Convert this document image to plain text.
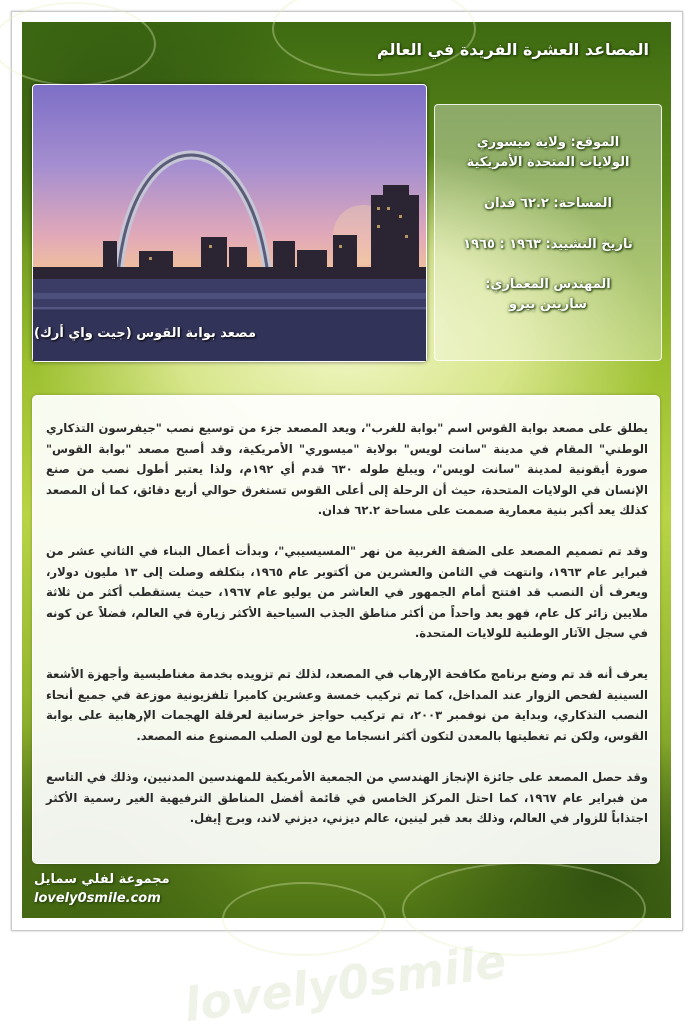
المصاعد العشرة الفريدة في العالم
مصعد بوابة القوس (جيت واي أرك)
الموقع: ولاية ميسوري
الولايات المتحدة الأمريكية
المساحة: ٦٢.٢ فدان
تاريخ التشييد: ١٩٦٣ : ١٩٦٥
المهندس المعماري:
سارينن بيرو
lovely0smile

يطلق على مصعد بوابة القوس اسم "بوابة للغرب"، ويعد المصعد جزء من توسيع نصب "جيفرسون التذكاري الوطني" المقام في مدينة "سانت لويس" بولاية "ميسوري" الأمريكية، وقد أصبح مصعد "بوابة القوس" صورة أيقونية لمدينة "سانت لويس"، ويبلغ طوله ٦٣٠ قدم أي ١٩٢م، ولذا يعتبر أطول نصب من صنع الإنسان في الولايات المتحدة، حيث أن الرحلة إلى أعلى القوس تستغرق حوالي أربع دقائق، كما أن المصعد كذلك يعد أكبر بنية معمارية صممت على مساحة ٦٢.٢ فدان.

وقد تم تصميم المصعد على الضفة الغربية من نهر "المسيسيبي"، وبدأت أعمال البناء في الثاني عشر من فبراير عام ١٩٦٣، وانتهت في الثامن والعشرين من أكتوبر عام ١٩٦٥، بتكلفه وصلت إلى ١٣ مليون دولار، ويعرف أن النصب قد افتتح أمام الجمهور في العاشر من يوليو عام ١٩٦٧، حيث يستقطب أكثر من ثلاثة ملايين زائر كل عام، فهو يعد واحداً من أكثر مناطق الجذب السياحية الأكثر زيارة في العالم، فضلاً عن كونه في سجل الآثار الوطنية للولايات المتحدة.

يعرف أنه قد تم وضع برنامج مكافحة الإرهاب في المصعد، لذلك تم تزويده بخدمة مغناطيسية وأجهزة الأشعة السينية لفحص الزوار عند المداخل، كما تم تركيب خمسة وعشرين كاميرا تلفزيونية موزعة في جميع أنحاء النصب التذكاري، وبداية من نوفمبر ٢٠٠٣، تم تركيب حواجز خرسانية لعرقلة الهجمات الإرهابية على بوابة القوس، ولكن تم تغطيتها بالمعدن لتكون أكثر انسجاما مع لون الصلب المصنوع منه المصعد.

وقد حصل المصعد على جائزة الإنجاز الهندسي من الجمعية الأمريكية للمهندسين المدنيين، وذلك في التاسع من فبراير عام ١٩٦٧، كما احتل المركز الخامس في قائمة أفضل المناطق الترفيهية الغير رسمية الأكثر اجتذاباً للزوار في العالم، وذلك بعد قبر لينين، عالم ديزني، ديزني لاند، وبرج إيفل.

مجموعة لفلي سمايل
lovely0smile.com
